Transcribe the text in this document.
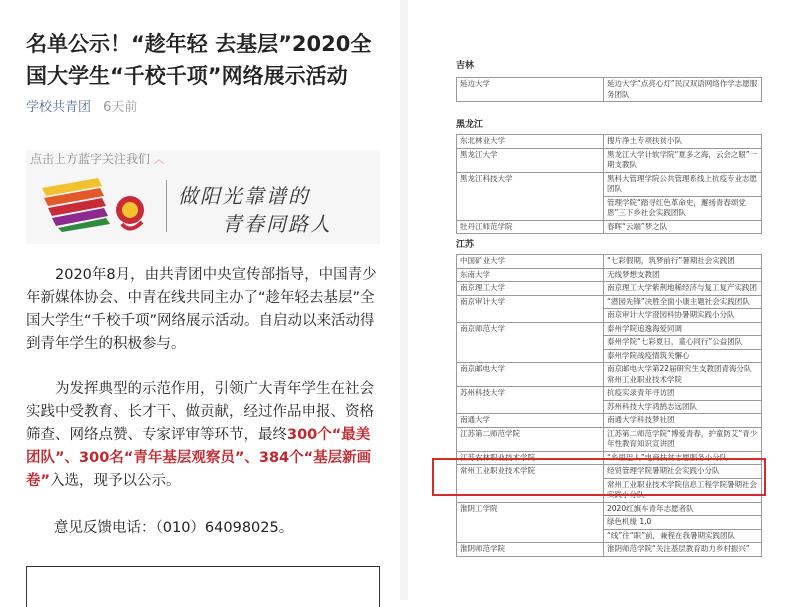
名单公示！“趁年轻 去基层”2020全国大学生“千校千项”网络展示活动
学校共青团 6天前
点击上方蓝字关注我们 ︿
做阳光靠谱的
青春同路人

2020年8月，由共青团中央宣传部指导，中国青少年新媒体协会、中青在线共同主办了“趁年轻去基层”全国大学生“千校千项”网络展示活动。自启动以来活动得到青年学生的积极参与。

为发挥典型的示范作用，引领广大青年学生在社会实践中受教育、长才干、做贡献，经过作品申报、资格筛查、网络点赞、专家评审等环节，最终300个“最美团队”、300名“青年基层观察员”、384个“基层新画卷”入选，现予以公示。

意见反馈电话：（010）64098025。
吉林
延边大学	延边大学“点亮心灯”民汉双语网络作学志愿服务团队
黑龙江
东北林业大学	搜片净土专项扶贫小队
黑龙江大学	黑龙江大学计软学院“夏多之海，云会之眼”一期支教队
黑龙江科技大学	黑科大管理学院公共管理系线上抗疫专业志愿团队
	管理学院“踏寻红色革命史，邂扬青春颂党恩”三下乡社会实践团队
牡丹江师范学院	春晖“云端”梦之队
江苏
中国矿业大学	“七彩假期，筑梦前行”暑期社会实践团
东南大学	无线梦想支教团
南京理工大学	南京理工大学紫荆地稀经济与复工复产实践团
南京审计大学	“潜园先锋”决胜全面小康主题社会实践团队
	南京审计大学澄园科协暑期实践小分队
南京师范大学	泰州学院追逸海爱同调
	泰州学院“七彩夏日，童心同行”公益团队
	泰州学院战疫情筑关懈心
南京邮电大学	南京邮电大学第22届研究生支教团青海分队常州工业职业技术学院
苏州科技大学	抗疫实录青年寻访团
	苏州科技大学鸿鹄志远团队
南通大学	南通大学科技梦社团
江苏第二师范学院	江苏第二师范学院“博爱青春，护童防艾”青少年性教育知识宣讲团
江苏农林职业技术学院	“乡里巴人”电商扶贫志愿服务小分队
常州工业职业技术学院	经贸管理学院暑期社会实践小分队
	常州工业职业技术学院信息工程学院暑期社会实践小分队
淮阴工学院	2020红旗车青年志愿者队
	绿色机缘 1.0
	“线”往“职”前，兼程在我暑期实践团队
淮阴师范学院	淮阴师范学院“关注基层教育助力乡村振兴”
